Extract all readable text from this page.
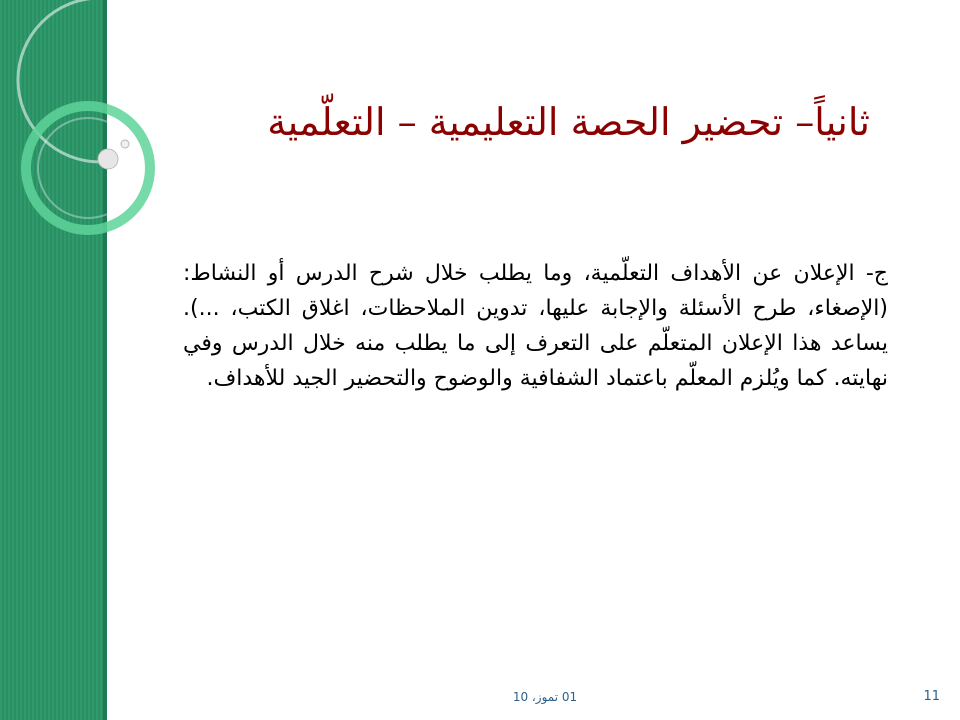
ثانياً– تحضير الحصة التعليمية – التعلّمية

ج- الإعلان عن الأهداف التعلّمية، وما يطلب خلال شرح الدرس أو النشاط: (الإصغاء، طرح الأسئلة والإجابة عليها، تدوين الملاحظات، اغلاق الكتب، ...). يساعد هذا الإعلان المتعلّم على التعرف إلى ما يطلب منه خلال الدرس وفي نهايته. كما ويُلزم المعلّم باعتماد الشفافية والوضوح والتحضير الجيد للأهداف.

01 تموز، 10	11
